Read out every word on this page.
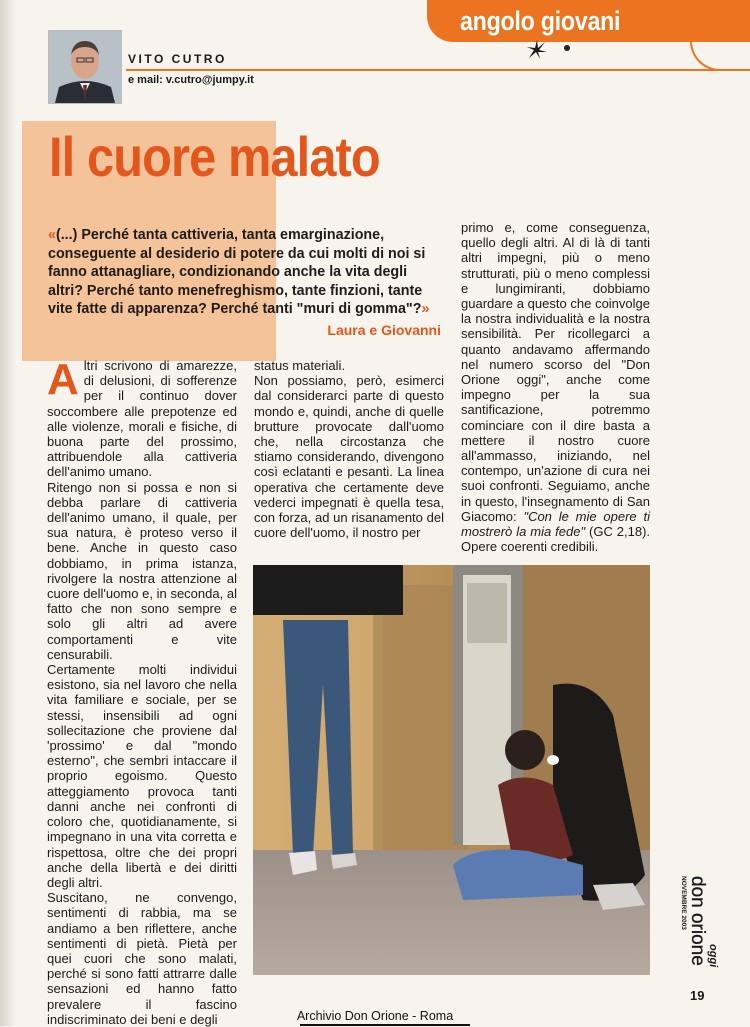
angolo giovani
VITO CUTRO
e mail: v.cutro@jumpy.it
Il cuore malato
«(...) Perché tanta cattiveria, tanta emarginazione, conseguente al desiderio di potere da cui molti di noi si fanno attanagliare, condizionando anche la vita degli altri? Perché tanto menefreghismo, tante finzioni, tante vite fatte di apparenza? Perché tanti "muri di gomma"?»
Laura e Giovanni

Altri scrivono di amarezze, di delusioni, di sofferenze per il continuo dover soccombere alle prepotenze ed alle violenze, morali e fisiche, di buona parte del prossimo, attribuendole alla cattiveria dell'animo umano.

Ritengo non si possa e non si debba parlare di cattiveria dell'animo umano, il quale, per sua natura, è proteso verso il bene. Anche in questo caso dobbiamo, in prima istanza, rivolgere la nostra attenzione al cuore dell'uomo e, in seconda, al fatto che non sono sempre e solo gli altri ad avere comportamenti e vite censurabili.

Certamente molti individui esistono, sia nel lavoro che nella vita familiare e sociale, per se stessi, insensibili ad ogni sollecitazione che proviene dal 'prossimo' e dal "mondo esterno", che sembri intaccare il proprio egoismo. Questo atteggiamento provoca tanti danni anche nei confronti di coloro che, quotidianamente, si impegnano in una vita corretta e rispettosa, oltre che dei propri anche della libertà e dei diritti degli altri.

Suscitano, ne convengo, sentimenti di rabbia, ma se andiamo a ben riflettere, anche sentimenti di pietà. Pietà per quei cuori che sono malati, perché si sono fatti attrarre dalle sensazioni ed hanno fatto prevalere il fascino indiscriminato dei beni e degli

status materiali.

Non possiamo, però, esimerci dal considerarci parte di questo mondo e, quindi, anche di quelle brutture provocate dall'uomo che, nella circostanza che stiamo considerando, divengono così eclatanti e pesanti. La linea operativa che certamente deve vederci impegnati è quella tesa, con forza, ad un risanamento del cuore dell'uomo, il nostro per

primo e, come conseguenza, quello degli altri. Al di là di tanti altri impegni, più o meno strutturati, più o meno complessi e lungimiranti, dobbiamo guardare a questo che coinvolge la nostra individualità e la nostra sensibilità. Per ricollegarci a quanto andavamo affermando nel numero scorso del "Don Orione oggi", anche come impegno per la sua santificazione, potremmo cominciare con il dire basta a mettere il nostro cuore all'ammasso, iniziando, nel contempo, un'azione di cura nei suoi confronti. Seguiamo, anche in questo, l'insegnamento di San Giacomo: "Con le mie opere ti mostrerò la mia fede" (GC 2,18). Opere coerenti credibili.

NOVEMBRE 2003 don orione oggi
19
Archivio Don Orione - Roma
